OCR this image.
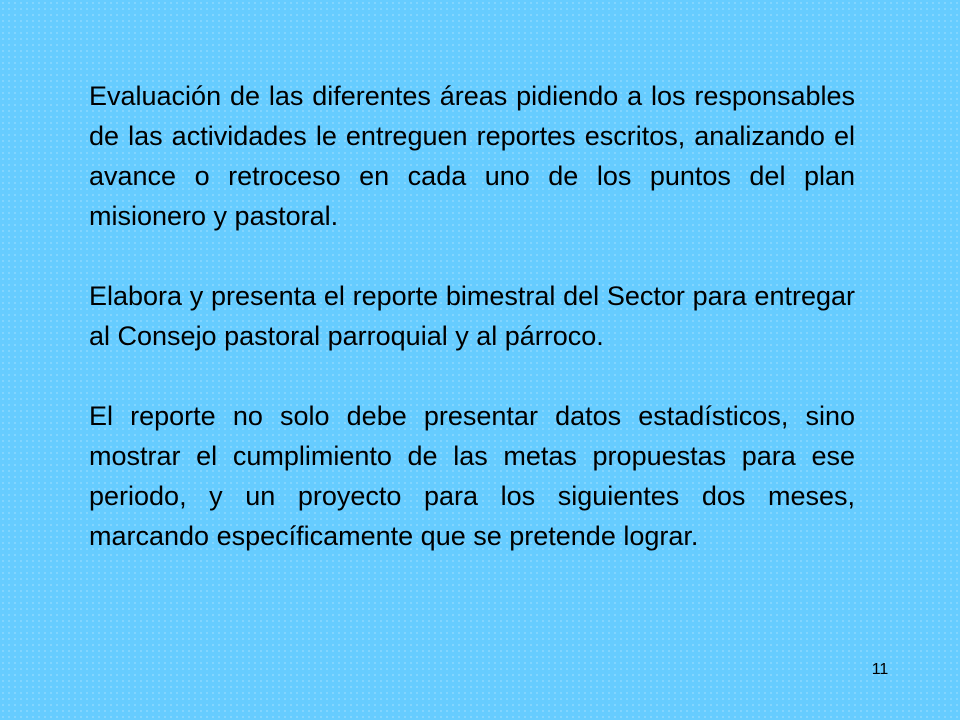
Evaluación de las diferentes áreas pidiendo a los responsables de las actividades le entreguen reportes escritos, analizando el avance o retroceso en cada uno de los puntos del plan misionero y pastoral.

Elabora y presenta el reporte bimestral del Sector para entregar al Consejo pastoral parroquial y al párroco.

El reporte no solo debe presentar datos estadísticos, sino mostrar el cumplimiento de las metas propuestas para ese periodo, y un proyecto para los siguientes dos meses, marcando específicamente que se pretende lograr.

11
